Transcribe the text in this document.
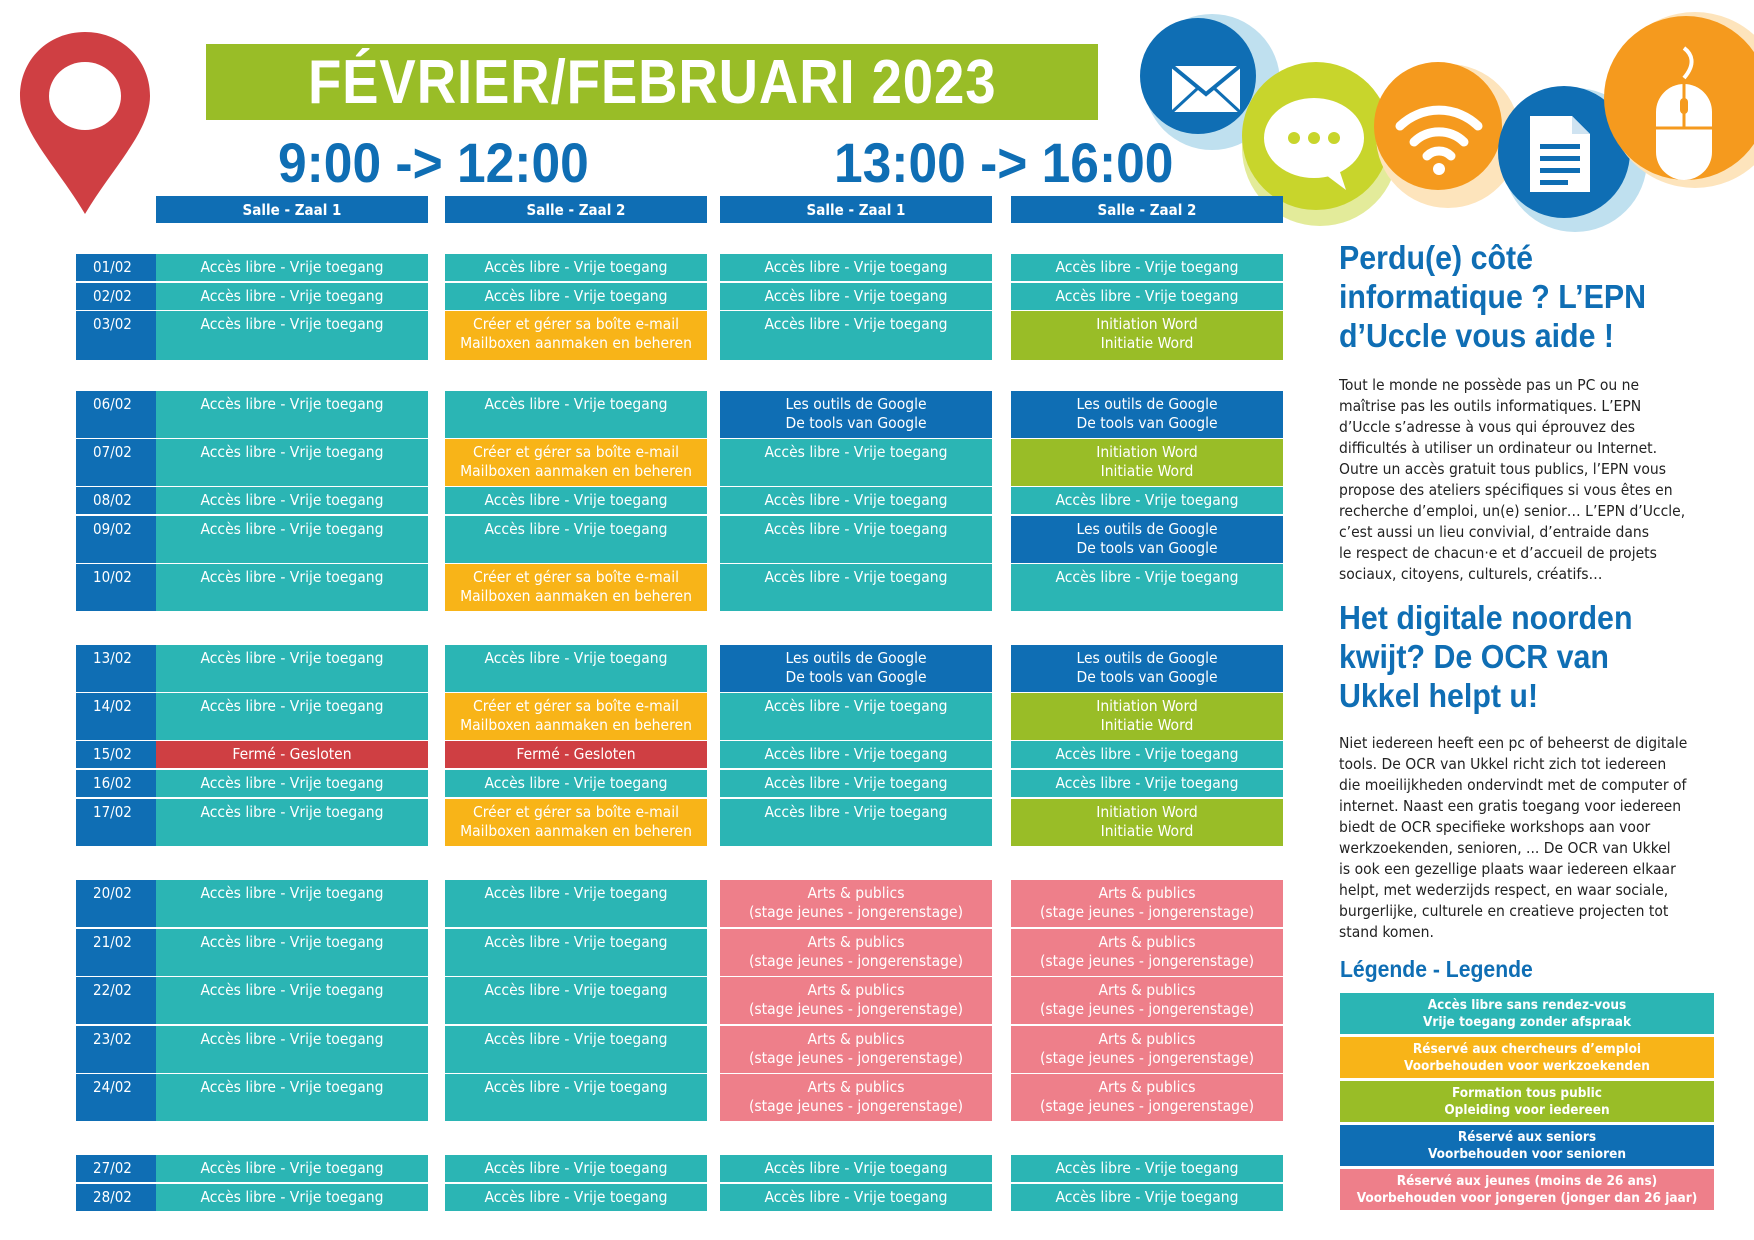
FÉVRIER/FEBRUARI 2023
9:00 -> 12:00	13:00 -> 16:00
Salle - Zaal 1	Salle - Zaal 2	Salle - Zaal 1	Salle - Zaal 2
01/02	Accès libre - Vrije toegang	Accès libre - Vrije toegang	Accès libre - Vrije toegang	Accès libre - Vrije toegang
02/02	Accès libre - Vrije toegang	Accès libre - Vrije toegang	Accès libre - Vrije toegang	Accès libre - Vrije toegang
03/02	Accès libre - Vrije toegang	Créer et gérer sa boîte e-mail
Mailboxen aanmaken en beheren
Accès libre - Vrije toegang	Initiation Word
Initiatie Word
06/02	Accès libre - Vrije toegang	Accès libre - Vrije toegang	Les outils de Google
De tools van Google
Les outils de Google
De tools van Google
07/02	Accès libre - Vrije toegang	Créer et gérer sa boîte e-mail
Mailboxen aanmaken en beheren
Accès libre - Vrije toegang	Initiation Word
Initiatie Word
08/02	Accès libre - Vrije toegang	Accès libre - Vrije toegang	Accès libre - Vrije toegang	Accès libre - Vrije toegang
09/02	Accès libre - Vrije toegang	Accès libre - Vrije toegang	Accès libre - Vrije toegang	Les outils de Google
De tools van Google
10/02	Accès libre - Vrije toegang	Créer et gérer sa boîte e-mail
Mailboxen aanmaken en beheren
Accès libre - Vrije toegang	Accès libre - Vrije toegang
13/02	Accès libre - Vrije toegang	Accès libre - Vrije toegang	Les outils de Google
De tools van Google
Les outils de Google
De tools van Google
14/02	Accès libre - Vrije toegang	Créer et gérer sa boîte e-mail
Mailboxen aanmaken en beheren
Accès libre - Vrije toegang	Initiation Word
Initiatie Word
15/02	Fermé - Gesloten	Fermé - Gesloten	Accès libre - Vrije toegang	Accès libre - Vrije toegang
16/02	Accès libre - Vrije toegang	Accès libre - Vrije toegang	Accès libre - Vrije toegang	Accès libre - Vrije toegang
17/02	Accès libre - Vrije toegang	Créer et gérer sa boîte e-mail
Mailboxen aanmaken en beheren
Accès libre - Vrije toegang	Initiation Word
Initiatie Word
20/02	Accès libre - Vrije toegang	Accès libre - Vrije toegang	Arts & publics
(stage jeunes - jongerenstage)
Arts & publics
(stage jeunes - jongerenstage)
21/02	Accès libre - Vrije toegang	Accès libre - Vrije toegang	Arts & publics
(stage jeunes - jongerenstage)
Arts & publics
(stage jeunes - jongerenstage)
22/02	Accès libre - Vrije toegang	Accès libre - Vrije toegang	Arts & publics
(stage jeunes - jongerenstage)
Arts & publics
(stage jeunes - jongerenstage)
23/02	Accès libre - Vrije toegang	Accès libre - Vrije toegang	Arts & publics
(stage jeunes - jongerenstage)
Arts & publics
(stage jeunes - jongerenstage)
24/02	Accès libre - Vrije toegang	Accès libre - Vrije toegang	Arts & publics
(stage jeunes - jongerenstage)
Arts & publics
(stage jeunes - jongerenstage)
27/02	Accès libre - Vrije toegang	Accès libre - Vrije toegang	Accès libre - Vrije toegang	Accès libre - Vrije toegang
28/02	Accès libre - Vrije toegang	Accès libre - Vrije toegang	Accès libre - Vrije toegang	Accès libre - Vrije toegang
Perdu(e) côté
informatique ? L’EPN
d’Uccle vous aide !
Tout le monde ne possède pas un PC ou ne
maîtrise pas les outils informatiques. L’EPN
d’Uccle s’adresse à vous qui éprouvez des
difficultés à utiliser un ordinateur ou Internet.
Outre un accès gratuit tous publics, l’EPN vous
propose des ateliers spécifiques si vous êtes en
recherche d’emploi, un(e) senior… L’EPN d’Uccle,
c’est aussi un lieu convivial, d’entraide dans
le respect de chacun·e et d’accueil de projets
sociaux, citoyens, culturels, créatifs…
Het digitale noorden
kwijt? De OCR van
Ukkel helpt u!
Niet iedereen heeft een pc of beheerst de digitale
tools. De OCR van Ukkel richt zich tot iedereen
die moeilijkheden ondervindt met de computer of
internet. Naast een gratis toegang voor iedereen
biedt de OCR specifieke workshops aan voor
werkzoekenden, senioren, ... De OCR van Ukkel
is ook een gezellige plaats waar iedereen elkaar
helpt, met wederzijds respect, en waar sociale,
burgerlijke, culturele en creatieve projecten tot
stand komen.
Légende - Legende
Accès libre sans rendez-vous
Vrije toegang zonder afspraak
Réservé aux chercheurs d’emploi
Voorbehouden voor werkzoekenden
Formation tous public
Opleiding voor iedereen
Réservé aux seniors
Voorbehouden voor senioren
Réservé aux jeunes (moins de 26 ans)
Voorbehouden voor jongeren (jonger dan 26 jaar)
